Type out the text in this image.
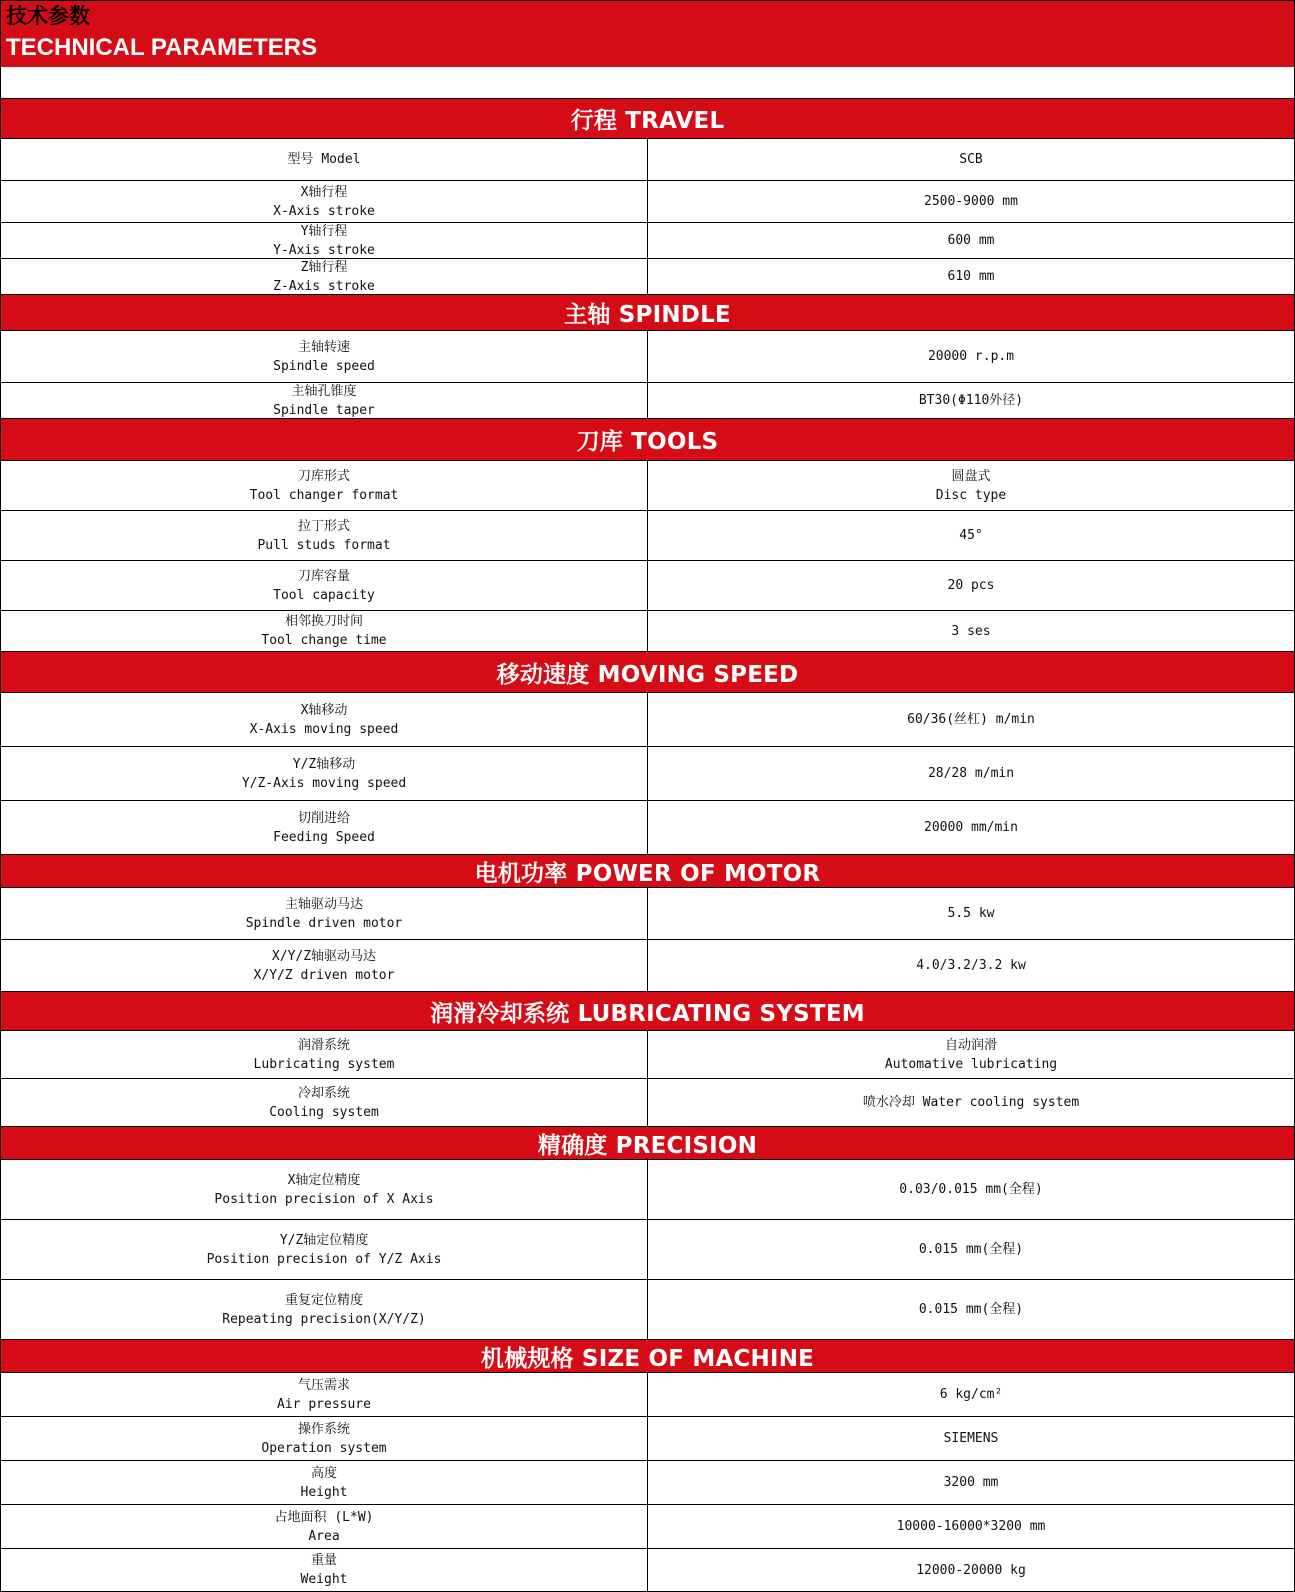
技术参数
TECHNICAL PARAMETERS
行程 TRAVEL
型号 Model	SCB
X轴行程
X-Axis stroke
2500-9000 mm
Y轴行程
Y-Axis stroke
600 mm
Z轴行程
Z-Axis stroke
610 mm
主轴 SPINDLE
主轴转速
Spindle speed
20000 r.p.m
主轴孔锥度
Spindle taper
BT30(Φ110外径)
刀库 TOOLS
刀库形式
Tool changer format
圆盘式
Disc type
拉丁形式
Pull studs format
45°
刀库容量
Tool capacity
20 pcs
相邻换刀时间
Tool change time
3 ses
移动速度 MOVING SPEED
X轴移动
X-Axis moving speed
60/36(丝杠) m/min
Y/Z轴移动
Y/Z-Axis moving speed
28/28 m/min
切削进给
Feeding Speed
20000 mm/min
电机功率 POWER OF MOTOR
主轴驱动马达
Spindle driven motor
5.5 kw
X/Y/Z轴驱动马达
X/Y/Z driven motor
4.0/3.2/3.2 kw
润滑冷却系统 LUBRICATING SYSTEM
润滑系统
Lubricating system
自动润滑
Automative lubricating
冷却系统
Cooling system
喷水冷却 Water cooling system
精确度 PRECISION
X轴定位精度
Position precision of X Axis
0.03/0.015 mm(全程)
Y/Z轴定位精度
Position precision of Y/Z Axis
0.015 mm(全程)
重复定位精度
Repeating precision(X/Y/Z)
0.015 mm(全程)
机械规格 SIZE OF MACHINE
气压需求
Air pressure
6 kg/cm²
操作系统
Operation system
SIEMENS
高度
Height
3200 mm
占地面积 (L*W)
Area
10000-16000*3200 mm
重量
Weight
12000-20000 kg
